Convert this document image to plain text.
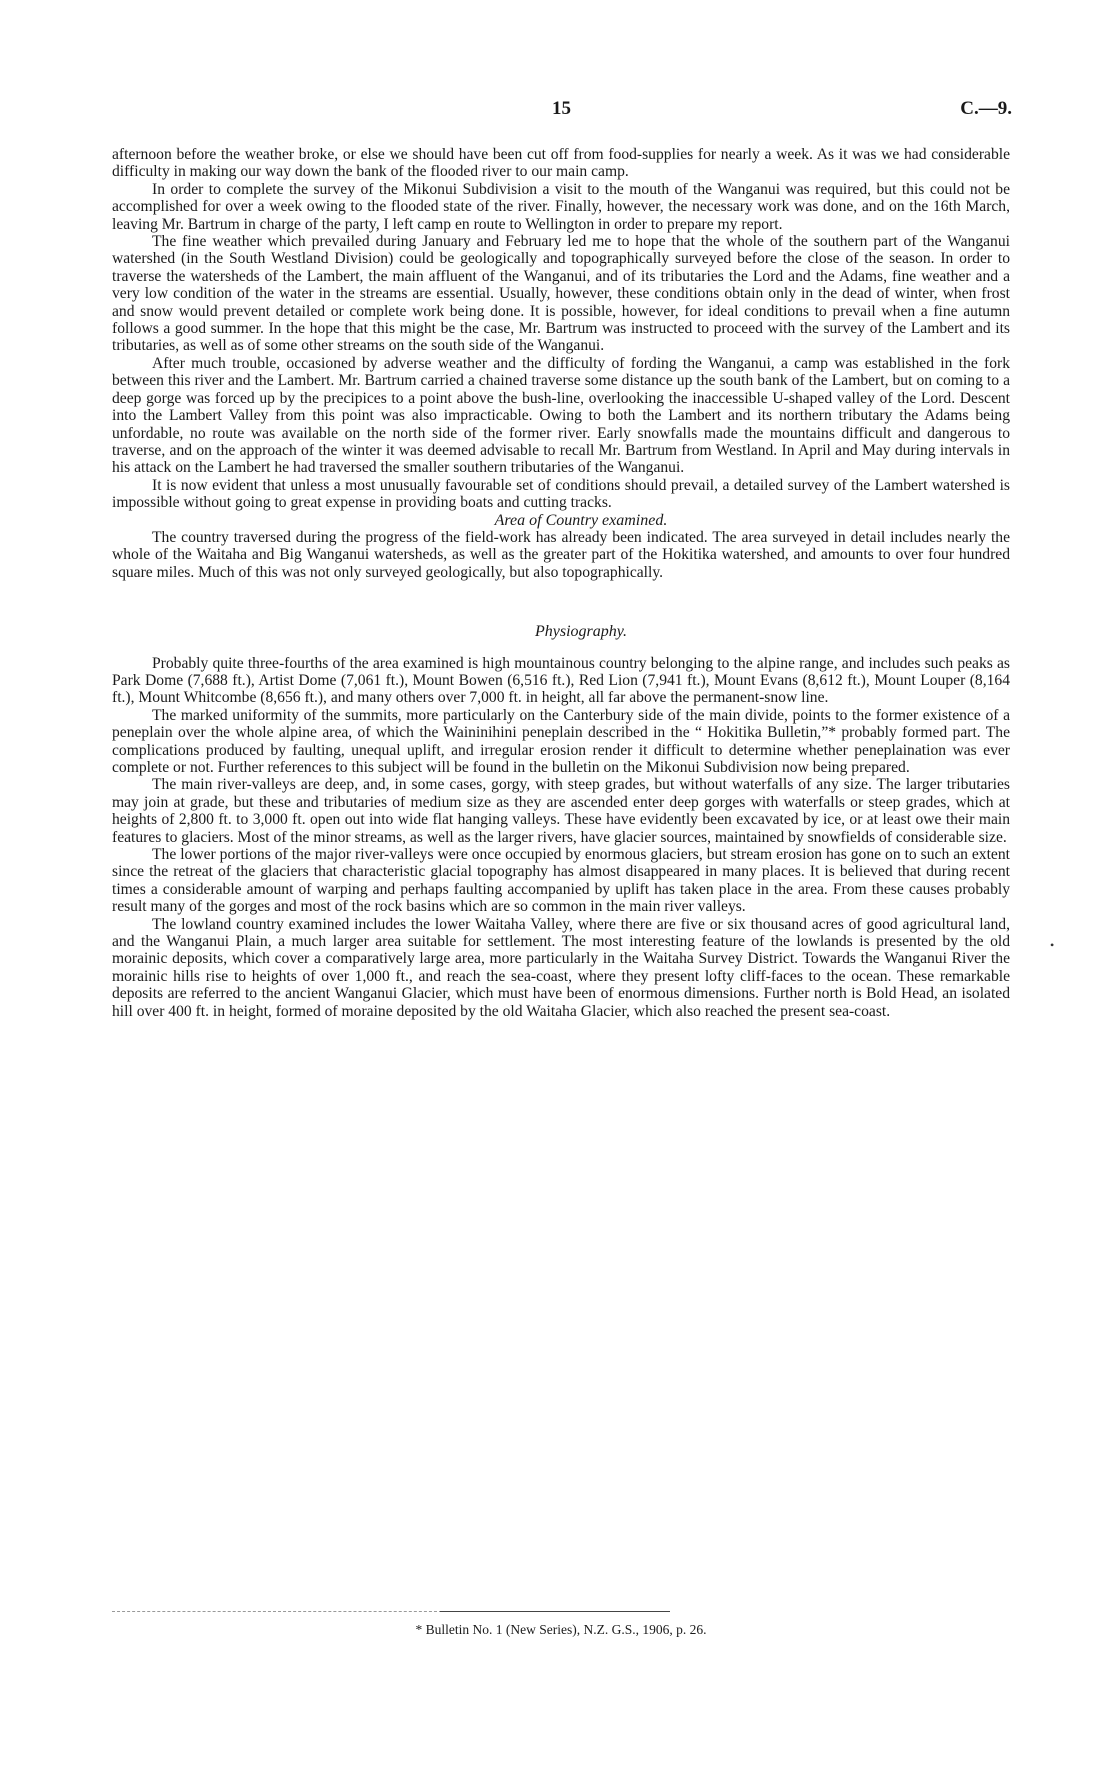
15	C.—9.

afternoon before the weather broke, or else we should have been cut off from food-supplies for nearly a week. As it was we had considerable difficulty in making our way down the bank of the flooded river to our main camp.

In order to complete the survey of the Mikonui Subdivision a visit to the mouth of the Wanganui was required, but this could not be accomplished for over a week owing to the flooded state of the river. Finally, however, the necessary work was done, and on the 16th March, leaving Mr. Bartrum in charge of the party, I left camp en route to Wellington in order to prepare my report.

The fine weather which prevailed during January and February led me to hope that the whole of the southern part of the Wanganui watershed (in the South Westland Division) could be geologically and topographically surveyed before the close of the season. In order to traverse the watersheds of the Lambert, the main affluent of the Wanganui, and of its tributaries the Lord and the Adams, fine weather and a very low condition of the water in the streams are essential. Usually, however, these conditions obtain only in the dead of winter, when frost and snow would prevent detailed or complete work being done. It is possible, however, for ideal conditions to prevail when a fine autumn follows a good summer. In the hope that this might be the case, Mr. Bartrum was instructed to proceed with the survey of the Lambert and its tributaries, as well as of some other streams on the south side of the Wanganui.

After much trouble, occasioned by adverse weather and the difficulty of fording the Wanganui, a camp was established in the fork between this river and the Lambert. Mr. Bartrum carried a chained traverse some distance up the south bank of the Lambert, but on coming to a deep gorge was forced up by the precipices to a point above the bush-line, overlooking the inaccessible U-shaped valley of the Lord. Descent into the Lambert Valley from this point was also impracticable. Owing to both the Lambert and its northern tributary the Adams being unfordable, no route was available on the north side of the former river. Early snowfalls made the mountains difficult and dangerous to traverse, and on the approach of the winter it was deemed advisable to recall Mr. Bartrum from Westland. In April and May during intervals in his attack on the Lambert he had traversed the smaller southern tributaries of the Wanganui.

It is now evident that unless a most unusually favourable set of conditions should prevail, a detailed survey of the Lambert watershed is impossible without going to great expense in providing boats and cutting tracks.

Area of Country examined.

The country traversed during the progress of the field-work has already been indicated. The area surveyed in detail includes nearly the whole of the Waitaha and Big Wanganui watersheds, as well as the greater part of the Hokitika watershed, and amounts to over four hundred square miles. Much of this was not only surveyed geologically, but also topographically.

Physiography.

Probably quite three-fourths of the area examined is high mountainous country belonging to the alpine range, and includes such peaks as Park Dome (7,688 ft.), Artist Dome (7,061 ft.), Mount Bowen (6,516 ft.), Red Lion (7,941 ft.), Mount Evans (8,612 ft.), Mount Louper (8,164 ft.), Mount Whitcombe (8,656 ft.), and many others over 7,000 ft. in height, all far above the permanent-snow line.

The marked uniformity of the summits, more particularly on the Canterbury side of the main divide, points to the former existence of a peneplain over the whole alpine area, of which the Waininihini peneplain described in the “ Hokitika Bulletin,”* probably formed part. The complications produced by faulting, unequal uplift, and irregular erosion render it difficult to determine whether peneplaination was ever complete or not. Further references to this subject will be found in the bulletin on the Mikonui Subdivision now being prepared.

The main river-valleys are deep, and, in some cases, gorgy, with steep grades, but without waterfalls of any size. The larger tributaries may join at grade, but these and tributaries of medium size as they are ascended enter deep gorges with waterfalls or steep grades, which at heights of 2,800 ft. to 3,000 ft. open out into wide flat hanging valleys. These have evidently been excavated by ice, or at least owe their main features to glaciers. Most of the minor streams, as well as the larger rivers, have glacier sources, maintained by snowfields of considerable size.

The lower portions of the major river-valleys were once occupied by enormous glaciers, but stream erosion has gone on to such an extent since the retreat of the glaciers that characteristic glacial topography has almost disappeared in many places. It is believed that during recent times a considerable amount of warping and perhaps faulting accompanied by uplift has taken place in the area. From these causes probably result many of the gorges and most of the rock basins which are so common in the main river valleys.

The lowland country examined includes the lower Waitaha Valley, where there are five or six thousand acres of good agricultural land, and the Wanganui Plain, a much larger area suitable for settlement. The most interesting feature of the lowlands is presented by the old morainic deposits, which cover a comparatively large area, more particularly in the Waitaha Survey District. Towards the Wanganui River the morainic hills rise to heights of over 1,000 ft., and reach the sea-coast, where they present lofty cliff-faces to the ocean. These remarkable deposits are referred to the ancient Wanganui Glacier, which must have been of enormous dimensions. Further north is Bold Head, an isolated hill over 400 ft. in height, formed of moraine deposited by the old Waitaha Glacier, which also reached the present sea-coast.

•
* Bulletin No. 1 (New Series), N.Z. G.S., 1906, p. 26.
